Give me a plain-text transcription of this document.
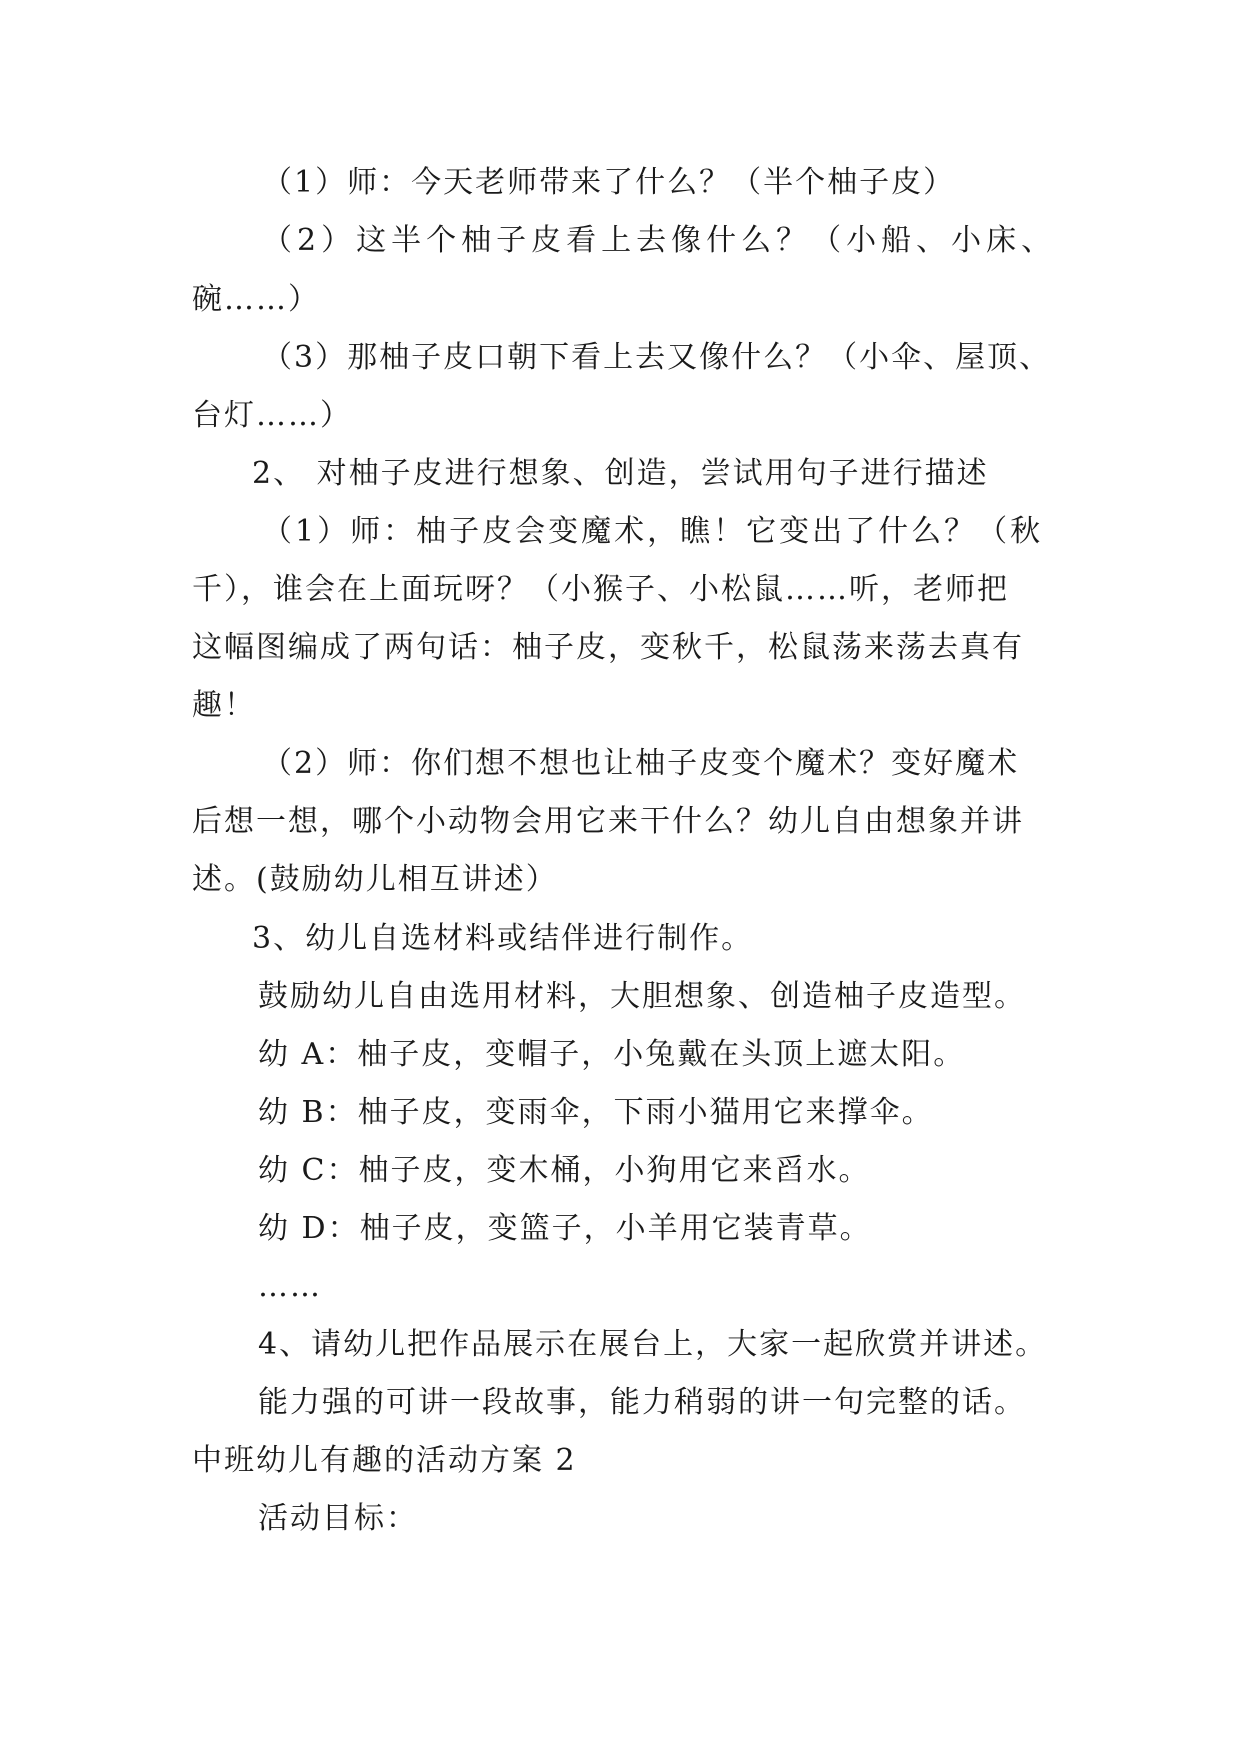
（1）师：今天老师带来了什么？（半个柚子皮）
（2）这半个柚子皮看上去像什么？（小船、小床、
碗……）
（3）那柚子皮口朝下看上去又像什么？（小伞、屋顶、
台灯……）
2、 对柚子皮进行想象、创造，尝试用句子进行描述
（1）师：柚子皮会变魔术，瞧！它变出了什么？（秋
千），谁会在上面玩呀？（小猴子、小松鼠……听，老师把
这幅图编成了两句话：柚子皮，变秋千，松鼠荡来荡去真有
趣！
（2）师：你们想不想也让柚子皮变个魔术？变好魔术
后想一想，哪个小动物会用它来干什么？幼儿自由想象并讲
述。(鼓励幼儿相互讲述）
3、幼儿自选材料或结伴进行制作。
鼓励幼儿自由选用材料，大胆想象、创造柚子皮造型。
幼 A：柚子皮，变帽子，小兔戴在头顶上遮太阳。
幼 B：柚子皮，变雨伞，下雨小猫用它来撑伞。
幼 C：柚子皮，变木桶，小狗用它来舀水。
幼 D：柚子皮，变篮子，小羊用它装青草。
……
4、请幼儿把作品展示在展台上，大家一起欣赏并讲述。
能力强的可讲一段故事，能力稍弱的讲一句完整的话。
中班幼儿有趣的活动方案 2
活动目标：
